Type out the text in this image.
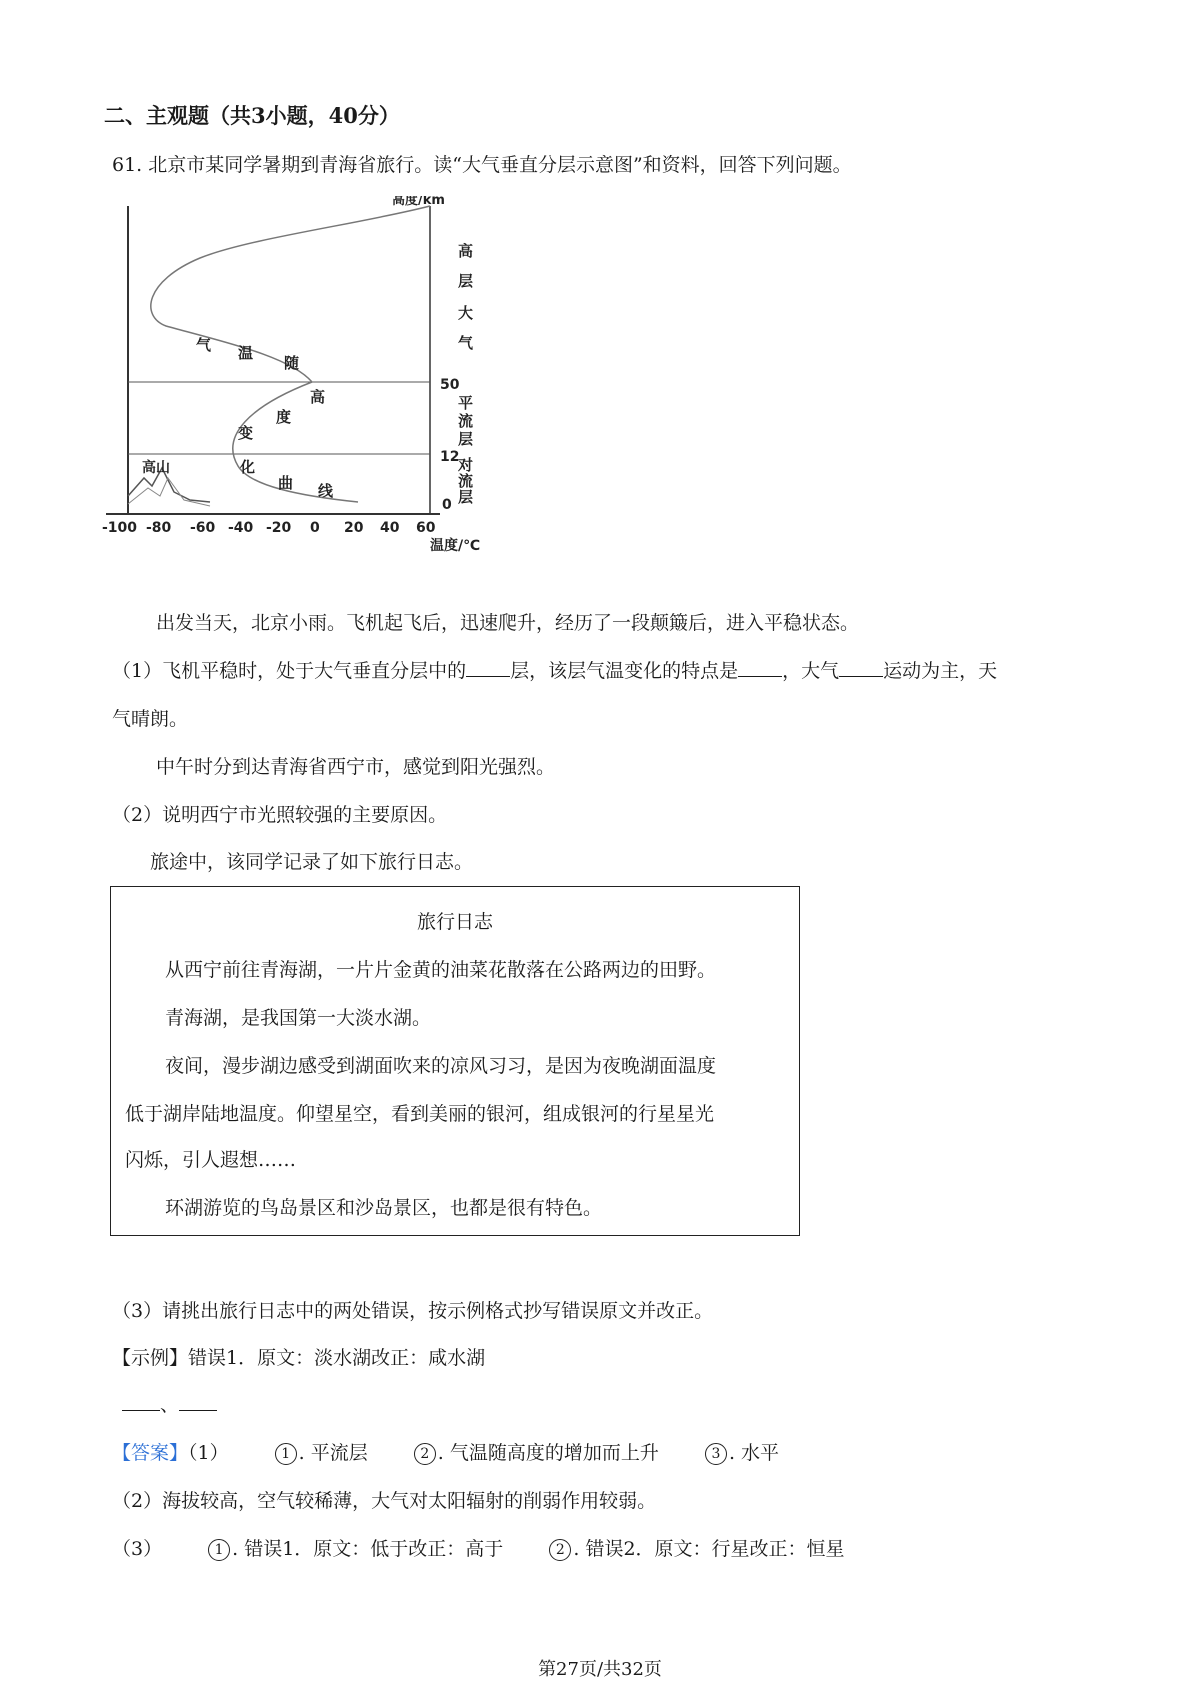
二、主观题（共3小题，40分）
61. 北京市某同学暑期到青海省旅行。读“大气垂直分层示意图”和资料，回答下列问题。
50
12
0
高度/km
-100 -80 -60 -40 -20 0 20 40 60
温度/℃
高
层
大
气
平
流
层
对
流
层
气 温
随
高
度
变
化
曲 线
高山
出发当天，北京小雨。飞机起飞后，迅速爬升，经历了一段颠簸后，进入平稳状态。
（1）飞机平稳时，处于大气垂直分层中的 层，该层气温变化的特点是 ，大气 运动为主，天
气晴朗。
中午时分到达青海省西宁市，感觉到阳光强烈。
（2）说明西宁市光照较强的主要原因。
旅途中，该同学记录了如下旅行日志。
旅行日志
从西宁前往青海湖，一片片金黄的油菜花散落在公路两边的田野。
青海湖，是我国第一大淡水湖。
夜间，漫步湖边感受到湖面吹来的凉风习习，是因为夜晚湖面温度
低于湖岸陆地温度。仰望星空，看到美丽的银河，组成银河的行星星光
闪烁，引人遐想……
环湖游览的鸟岛景区和沙岛景区，也都是很有特色。
（3）请挑出旅行日志中的两处错误，按示例格式抄写错误原文并改正。
【示例】错误1．原文：淡水湖改正：咸水湖
、
【答案】（1）	1 . 平流层	2 . 气温随高度的增加而上升	3 . 水平
（2）海拔较高，空气较稀薄，大气对太阳辐射的削弱作用较弱。
（3）	1 . 错误1．原文：低于改正：高于	2 . 错误2．原文：行星改正：恒星
第27页/共32页
